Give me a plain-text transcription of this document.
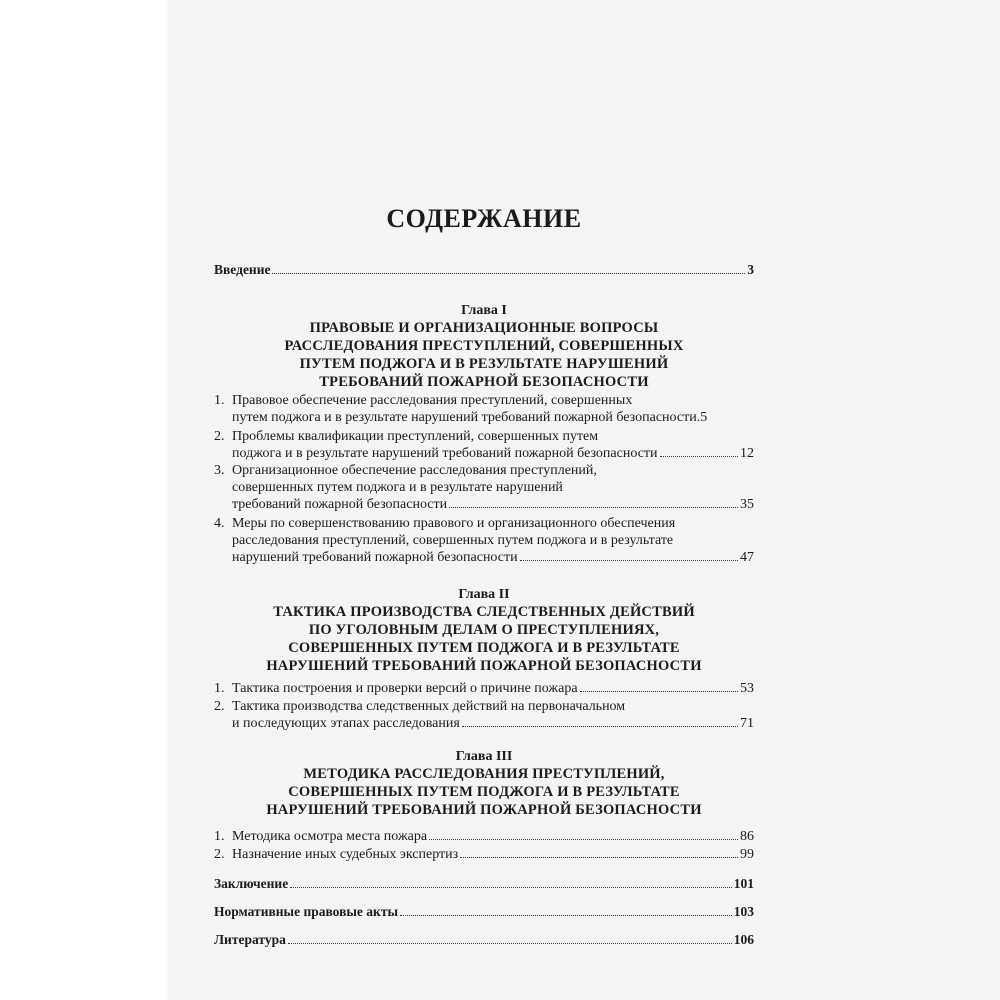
СОДЕРЖАНИЕ
Введение	3
Глава I
ПРАВОВЫЕ И ОРГАНИЗАЦИОННЫЕ ВОПРОСЫ
РАССЛЕДОВАНИЯ ПРЕСТУПЛЕНИЙ, СОВЕРШЕННЫХ
ПУТЕМ ПОДЖОГА И В РЕЗУЛЬТАТЕ НАРУШЕНИЙ
ТРЕБОВАНИЙ ПОЖАРНОЙ БЕЗОПАСНОСТИ
1. Правовое обеспечение расследования преступлений, совершенных
путем поджога и в результате нарушений требований пожарной безопасности .5
2. Проблемы квалификации преступлений, совершенных путем
поджога и в результате нарушений требований пожарной безопасности	12
3. Организационное обеспечение расследования преступлений,
совершенных путем поджога и в результате нарушений
требований пожарной безопасности	35
4. Меры по совершенствованию правового и организационного обеспечения
расследования преступлений, совершенных путем поджога и в результате
нарушений требований пожарной безопасности	47
Глава II
ТАКТИКА ПРОИЗВОДСТВА СЛЕДСТВЕННЫХ ДЕЙСТВИЙ
ПО УГОЛОВНЫМ ДЕЛАМ О ПРЕСТУПЛЕНИЯХ,
СОВЕРШЕННЫХ ПУТЕМ ПОДЖОГА И В РЕЗУЛЬТАТЕ
НАРУШЕНИЙ ТРЕБОВАНИЙ ПОЖАРНОЙ БЕЗОПАСНОСТИ
1. Тактика построения и проверки версий о причине пожара	53
2. Тактика производства следственных действий на первоначальном
и последующих этапах расследования	71
Глава III
МЕТОДИКА РАССЛЕДОВАНИЯ ПРЕСТУПЛЕНИЙ,
СОВЕРШЕННЫХ ПУТЕМ ПОДЖОГА И В РЕЗУЛЬТАТЕ
НАРУШЕНИЙ ТРЕБОВАНИЙ ПОЖАРНОЙ БЕЗОПАСНОСТИ
1. Методика осмотра места пожара	86
2. Назначение иных судебных экспертиз	99
Заключение	101
Нормативные правовые акты	103
Литература	106
